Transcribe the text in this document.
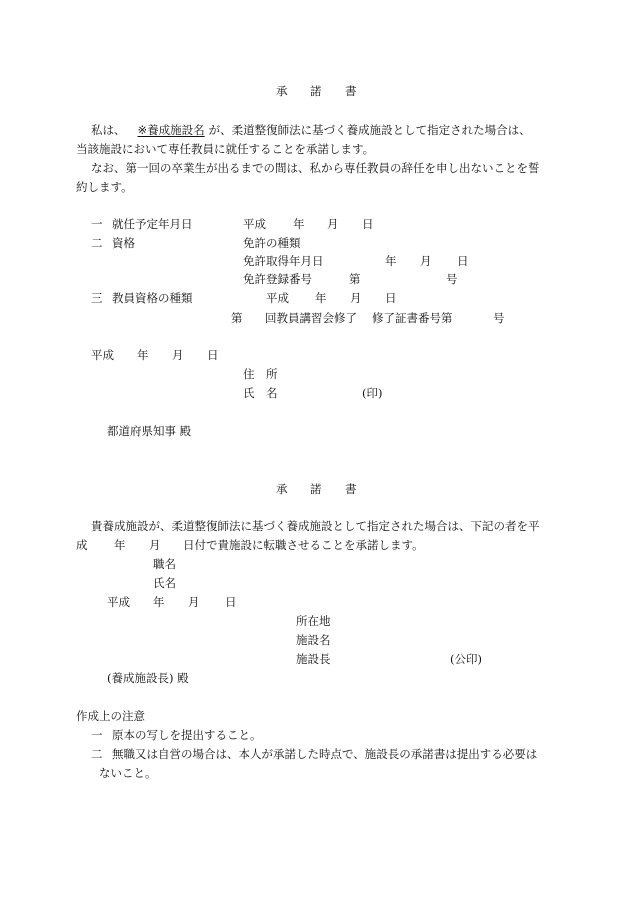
承 諾 書
私は、 ※養成施設名 が、柔道整復師法に基づく養成施設として指定された場合は、
当該施設において専任教員に就任することを承諾します。
なお、第一回の卒業生が出るまでの間は、私から専任教員の辞任を申し出ないことを誓
約します。
一 就任予定年月日	平成 年 月 日
二 資格	免許の種類
免許取得年月日	年 月 日
免許登録番号	第	号
三 教員資格の種類	平成 年 月 日
第 回教員講習会修了 修了証書番号第	号
平成 年 月 日
住　所
氏　名	(印)
都道府県知事 殿
承 諾 書
貴養成施設が、柔道整復師法に基づく養成施設として指定された場合は、下記の者を平
成 年 月 日付で貴施設に転職させることを承諾します。
職名
氏名
平成 年 月 日
所在地
施設名
施設長	(公印)
(養成施設長) 殿
作成上の注意
一 原本の写しを提出すること。
二 無職又は自営の場合は、本人が承諾した時点で、施設長の承諾書は提出する必要は
ないこと。
